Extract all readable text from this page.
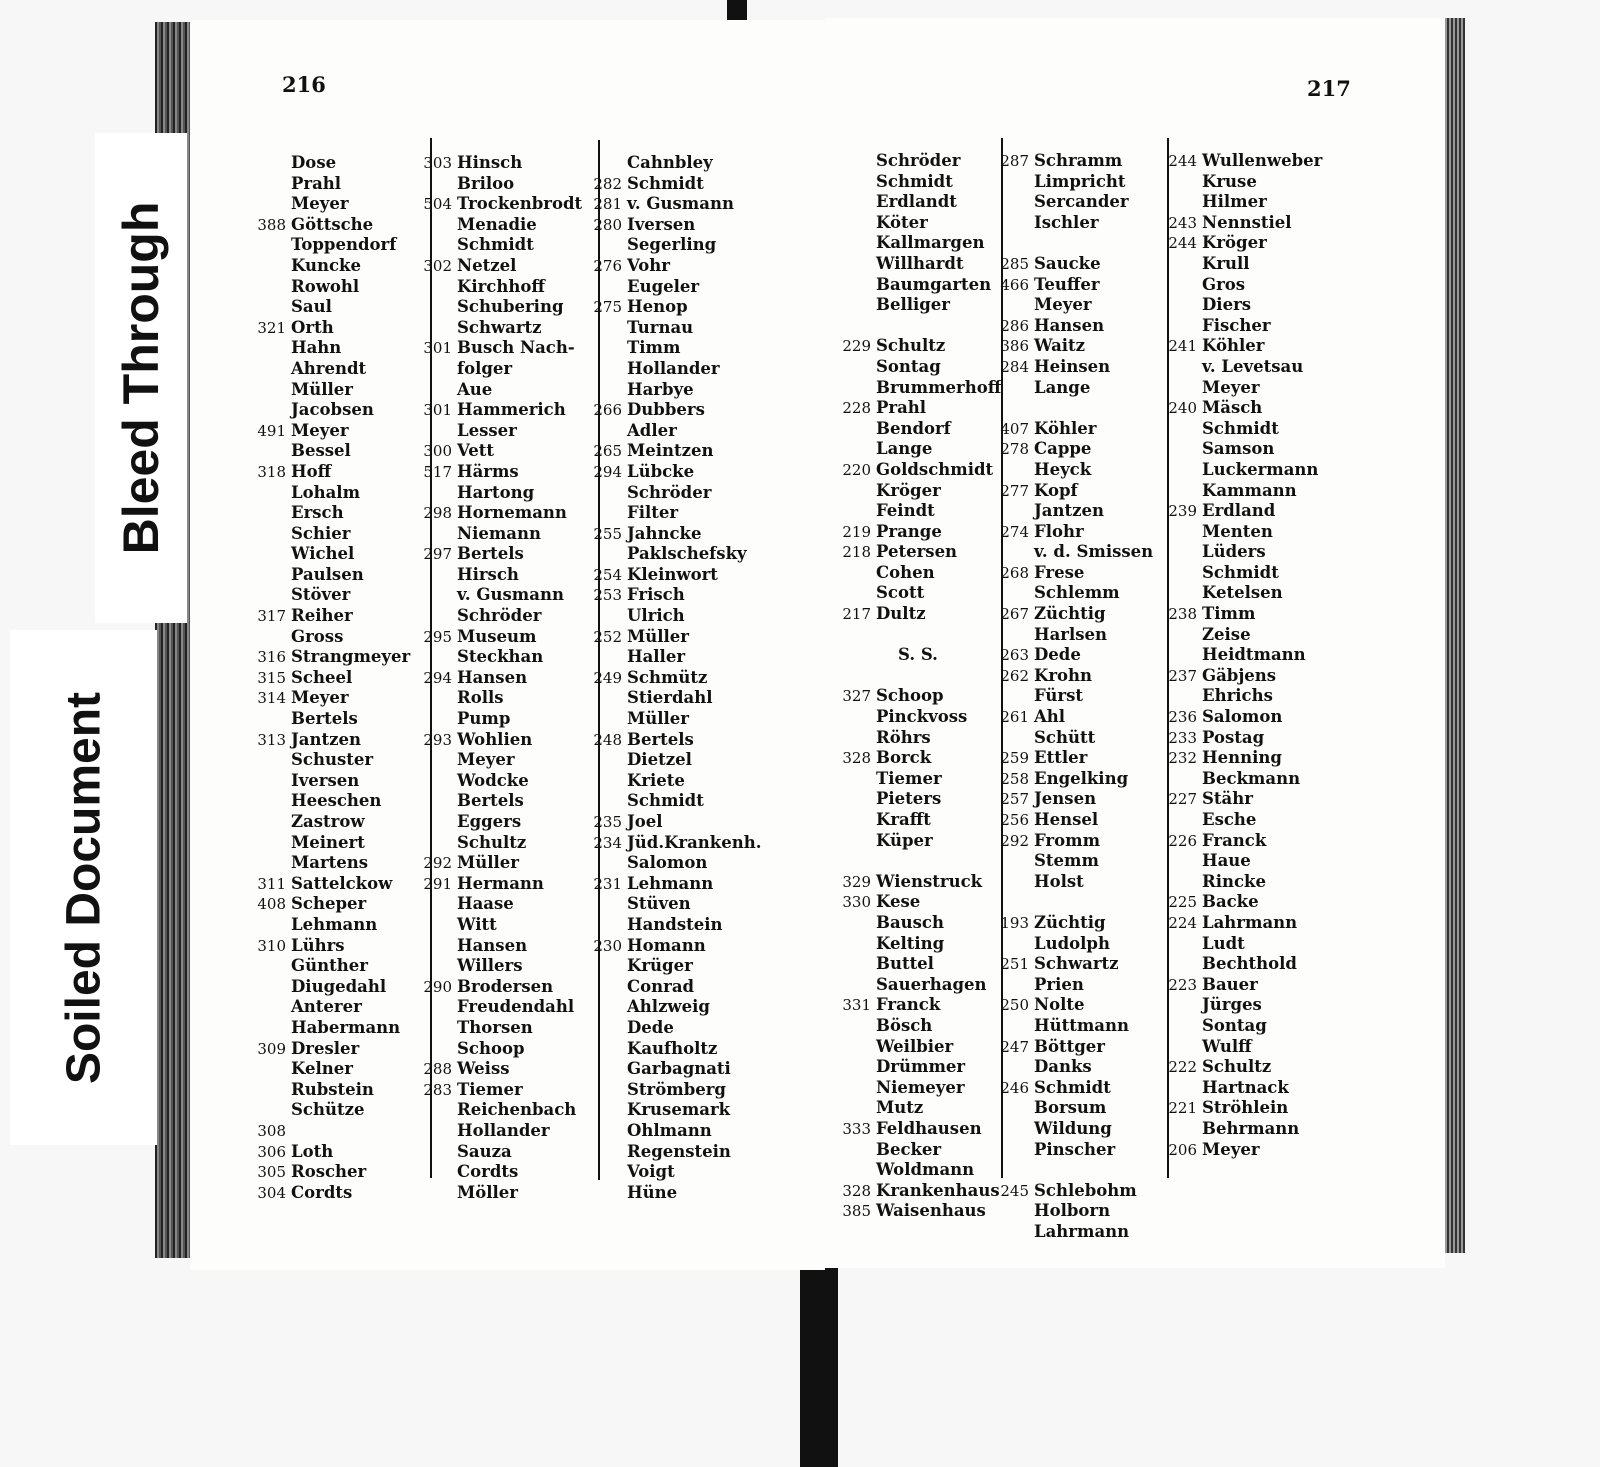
216
Dose
Prahl
Meyer
388 Göttsche
Toppendorf
Kuncke
Rowohl
Saul
321 Orth
Hahn
Ahrendt
Müller
Jacobsen
491 Meyer
Bessel
318 Hoff
Lohalm
Ersch
Schier
Wichel
Paulsen
Stöver
317 Reiher
Gross
316 Strangmeyer
315 Scheel
314 Meyer
Bertels
313 Jantzen
Schuster
Iversen
Heeschen
Zastrow
Meinert
Martens
311 Sattelckow
408 Scheper
Lehmann
310 Lührs
Günther
Diugedahl
Anterer
Habermann
309 Dresler
Kelner
Rubstein
Schütze
308
306 Loth
305 Roscher
304 Cordts
303 Hinsch
Briloo
504 Trockenbrodt
Menadie
Schmidt
302 Netzel
Kirchhoff
Schubering
Schwartz
301 Busch Nach-
folger
Aue
301 Hammerich
Lesser
300 Vett
517 Härms
Hartong
298 Hornemann
Niemann
297 Bertels
Hirsch
v. Gusmann
Schröder
295 Museum
Steckhan
294 Hansen
Rolls
Pump
293 Wohlien
Meyer
Wodcke
Bertels
Eggers
Schultz
292 Müller
291 Hermann
Haase
Witt
Hansen
Willers
290 Brodersen
Freudendahl
Thorsen
Schoop
288 Weiss
283 Tiemer
Reichenbach
Hollander
Sauza
Cordts
Möller
Cahnbley
282 Schmidt
281 v. Gusmann
280 Iversen
Segerling
276 Vohr
Eugeler
275 Henop
Turnau
Timm
Hollander
Harbye
266 Dubbers
Adler
265 Meintzen
294 Lübcke
Schröder
Filter
255 Jahncke
Paklschefsky
254 Kleinwort
253 Frisch
Ulrich
252 Müller
Haller
249 Schmütz
Stierdahl
Müller
248 Bertels
Dietzel
Kriete
Schmidt
235 Joel
234 Jüd.Krankenh.
Salomon
231 Lehmann
Stüven
Handstein
230 Homann
Krüger
Conrad
Ahlzweig
Dede
Kaufholtz
Garbagnati
Strömberg
Krusemark
Ohlmann
Regenstein
Voigt
Hüne
217
Schröder
Schmidt
Erdlandt
Köter
Kallmargen
Willhardt
Baumgarten
Belliger
229 Schultz
Sontag
Brummerhoff
228 Prahl
Bendorf
Lange
220 Goldschmidt
Kröger
Feindt
219 Prange
218 Petersen
Cohen
Scott
217 Dultz
S. S.
327 Schoop
Pinckvoss
Röhrs
328 Borck
Tiemer
Pieters
Krafft
Küper
329 Wienstruck
330 Kese
Bausch
Kelting
Buttel
Sauerhagen
331 Franck
Bösch
Weilbier
Drümmer
Niemeyer
Mutz
333 Feldhausen
Becker
Woldmann
328 Krankenhaus
385 Waisenhaus
287 Schramm
Limpricht
Sercander
Ischler
285 Saucke
466 Teuffer
Meyer
286 Hansen
386 Waitz
284 Heinsen
Lange
407 Köhler
278 Cappe
Heyck
277 Kopf
Jantzen
274 Flohr
v. d. Smissen
268 Frese
Schlemm
267 Züchtig
Harlsen
263 Dede
262 Krohn
Fürst
261 Ahl
Schütt
259 Ettler
258 Engelking
257 Jensen
256 Hensel
292 Fromm
Stemm
Holst
193 Züchtig
Ludolph
251 Schwartz
Prien
250 Nolte
Hüttmann
247 Böttger
Danks
246 Schmidt
Borsum
Wildung
Pinscher
245 Schlebohm
Holborn
Lahrmann
244 Wullenweber
Kruse
Hilmer
243 Nennstiel
244 Kröger
Krull
Gros
Diers
Fischer
241 Köhler
v. Levetsau
Meyer
240 Mäsch
Schmidt
Samson
Luckermann
Kammann
239 Erdland
Menten
Lüders
Schmidt
Ketelsen
238 Timm
Zeise
Heidtmann
237 Gäbjens
Ehrichs
236 Salomon
233 Postag
232 Henning
Beckmann
227 Stähr
Esche
226 Franck
Haue
Rincke
225 Backe
224 Lahrmann
Ludt
Bechthold
223 Bauer
Jürges
Sontag
Wulff
222 Schultz
Hartnack
221 Ströhlein
Behrmann
206 Meyer
Bleed Through
Soiled Document
